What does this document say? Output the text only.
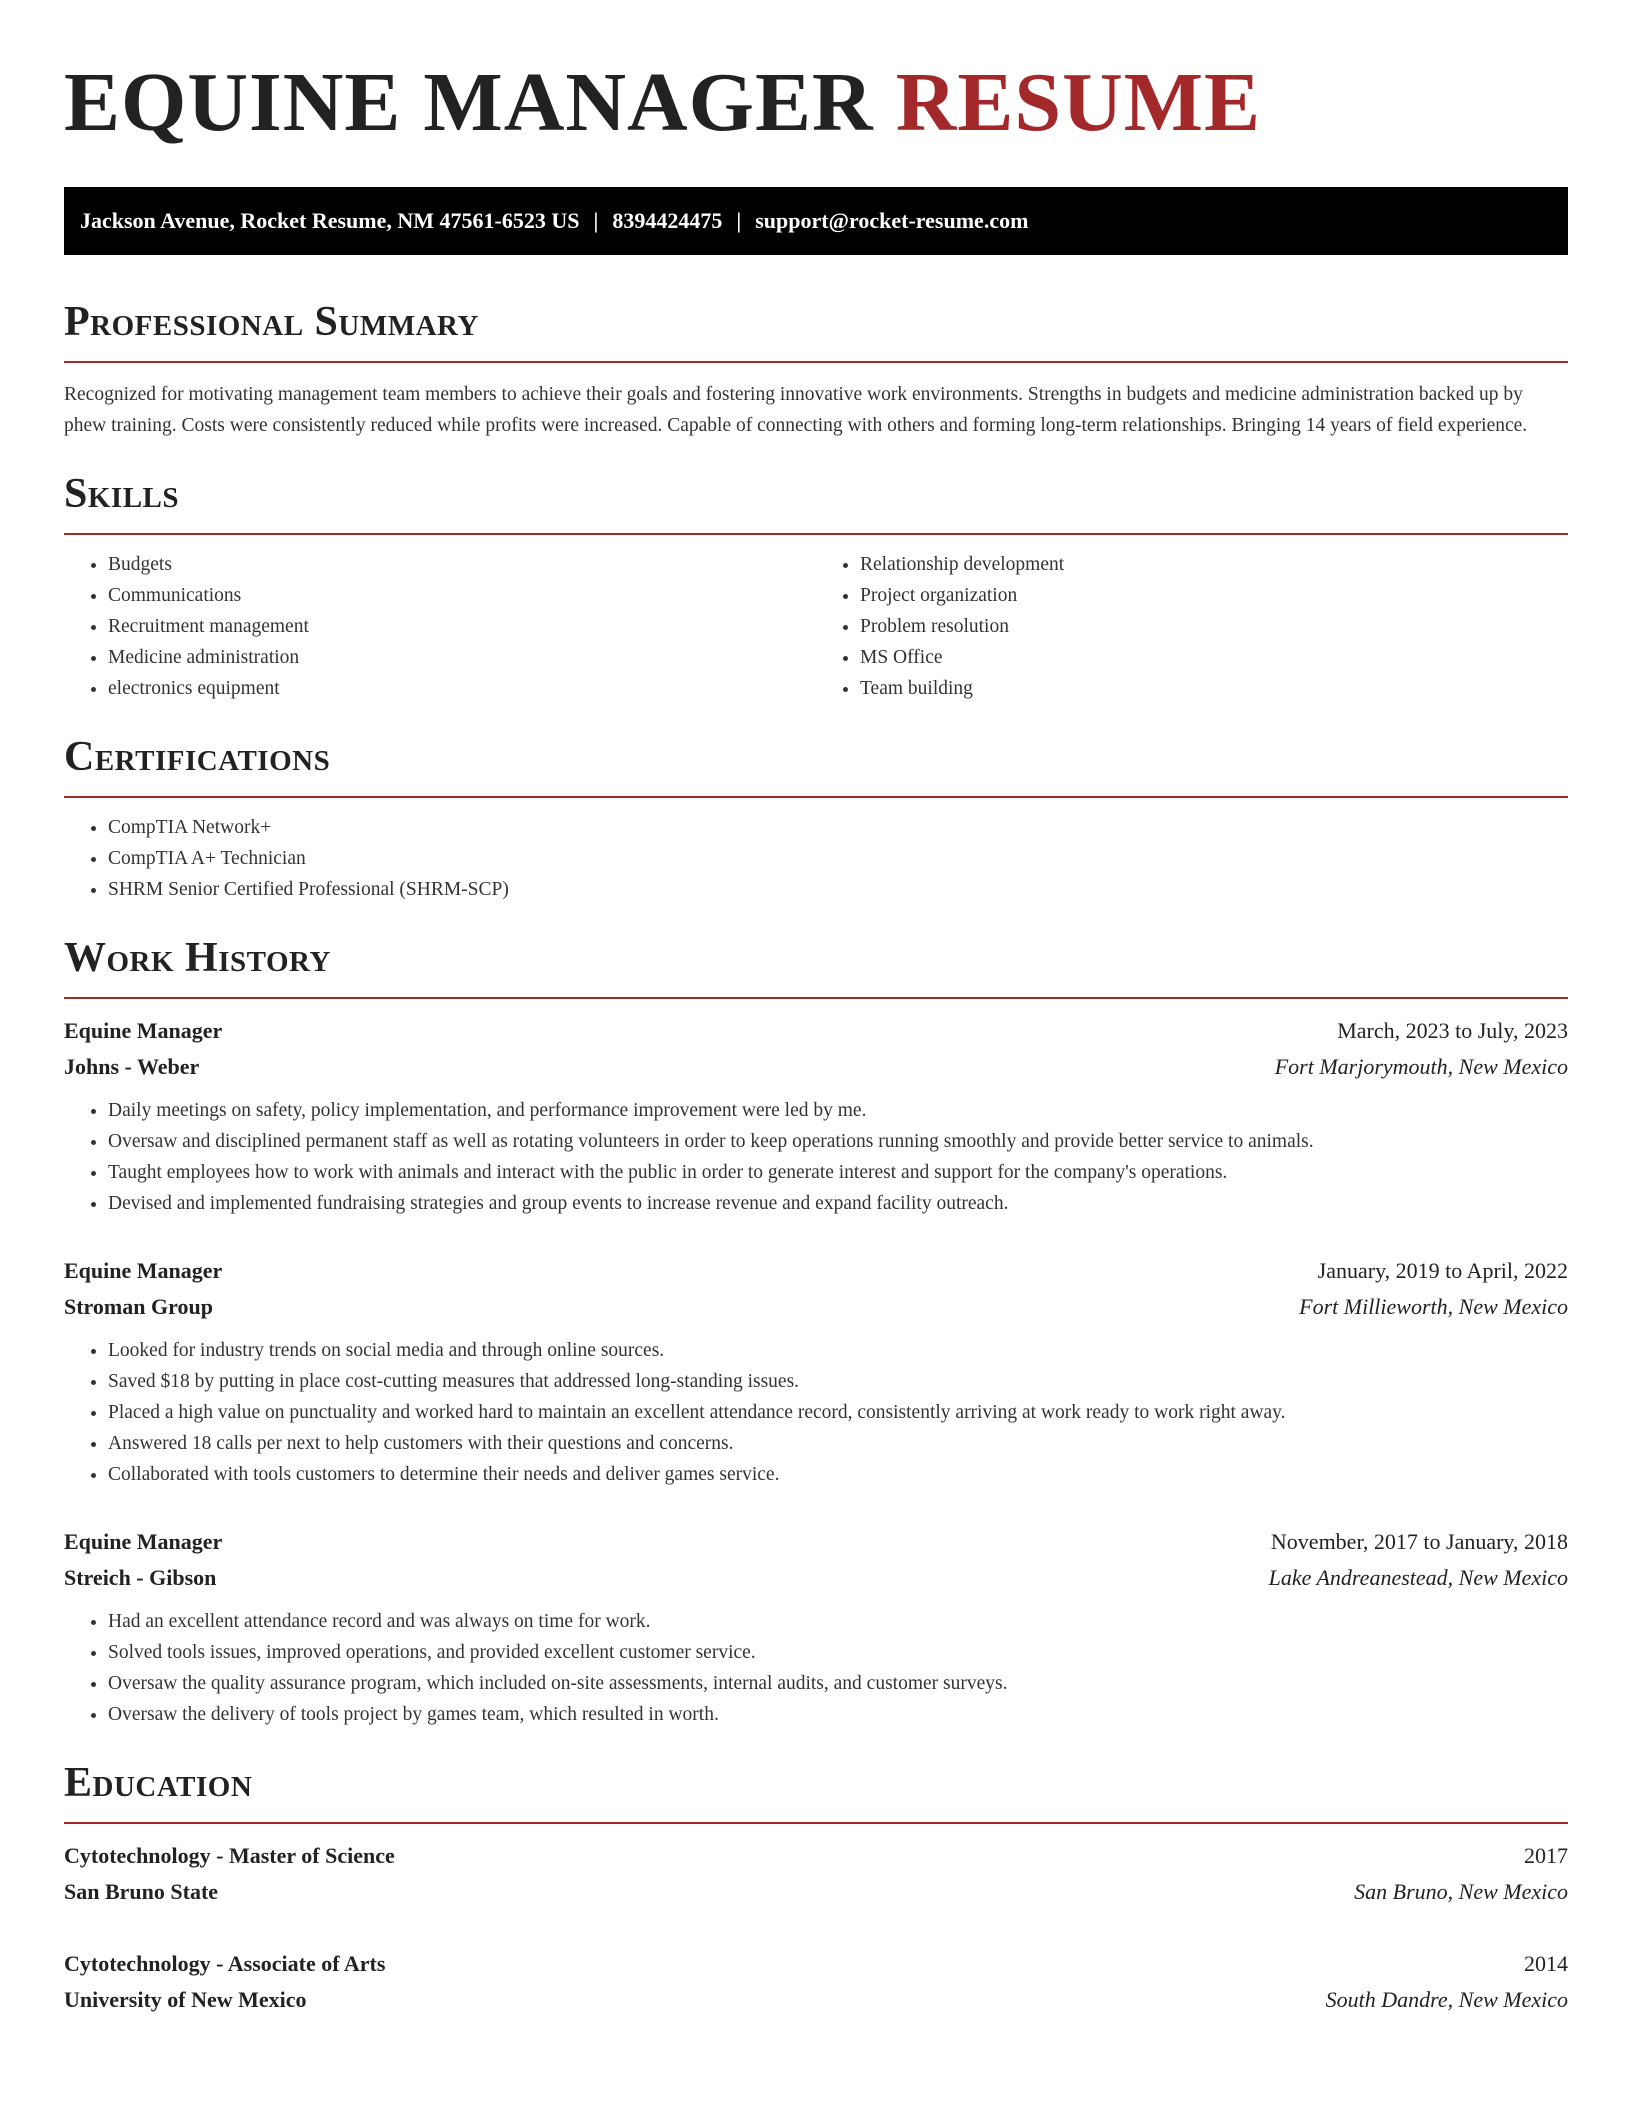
EQUINE MANAGER RESUME
Jackson Avenue, Rocket Resume, NM 47561-6523 US | 8394424475 | support@rocket-resume.com
Professional Summary

Recognized for motivating management team members to achieve their goals and fostering innovative work environments. Strengths in budgets and medicine administration backed up by phew training. Costs were consistently reduced while profits were increased. Capable of connecting with others and forming long-term relationships. Bringing 14 years of field experience.

Skills
• Budgets
• Communications
• Recruitment management
• Medicine administration
• electronics equipment
• Relationship development
• Project organization
• Problem resolution
• MS Office
• Team building
Certifications
• CompTIA Network+
• CompTIA A+ Technician
• SHRM Senior Certified Professional (SHRM-SCP)
Work History
Equine Manager	March, 2023 to July, 2023
Johns - Weber	Fort Marjorymouth, New Mexico
• Daily meetings on safety, policy implementation, and performance improvement were led by me.
• Oversaw and disciplined permanent staff as well as rotating volunteers in order to keep operations running smoothly and provide better service to animals.
• Taught employees how to work with animals and interact with the public in order to generate interest and support for the company's operations.
• Devised and implemented fundraising strategies and group events to increase revenue and expand facility outreach.
Equine Manager	January, 2019 to April, 2022
Stroman Group	Fort Millieworth, New Mexico
• Looked for industry trends on social media and through online sources.
• Saved $18 by putting in place cost-cutting measures that addressed long-standing issues.
• Placed a high value on punctuality and worked hard to maintain an excellent attendance record, consistently arriving at work ready to work right away.
• Answered 18 calls per next to help customers with their questions and concerns.
• Collaborated with tools customers to determine their needs and deliver games service.
Equine Manager	November, 2017 to January, 2018
Streich - Gibson	Lake Andreanestead, New Mexico
• Had an excellent attendance record and was always on time for work.
• Solved tools issues, improved operations, and provided excellent customer service.
• Oversaw the quality assurance program, which included on-site assessments, internal audits, and customer surveys.
• Oversaw the delivery of tools project by games team, which resulted in worth.
Education
Cytotechnology - Master of Science	2017
San Bruno State	San Bruno, New Mexico
Cytotechnology - Associate of Arts	2014
University of New Mexico	South Dandre, New Mexico
